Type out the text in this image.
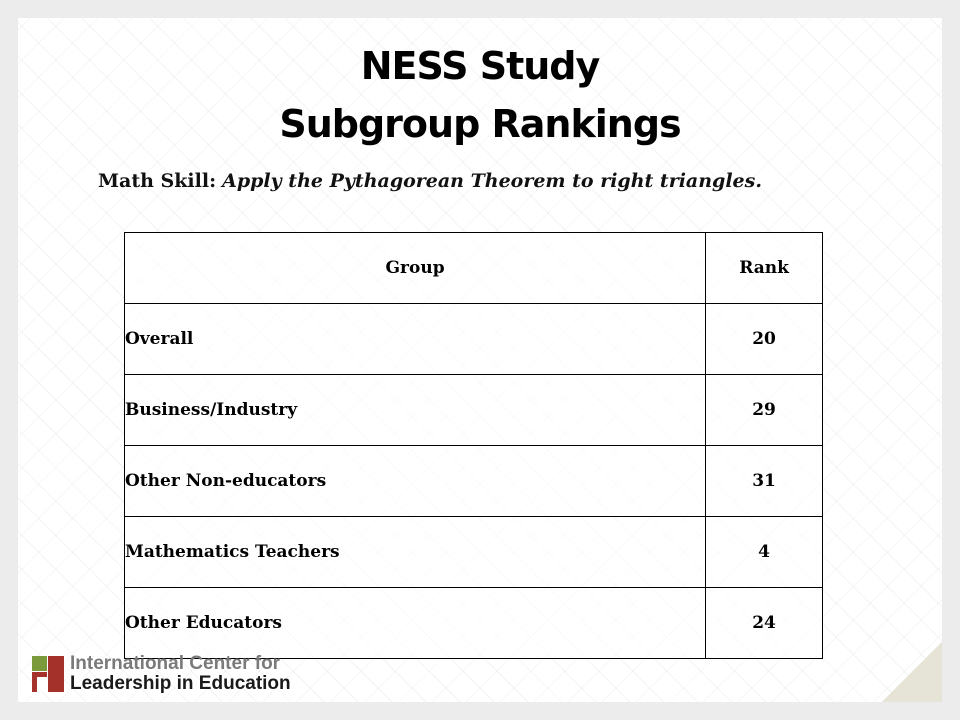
NESS Study
Subgroup Rankings
Math Skill: Apply the Pythagorean Theorem to right triangles.
Group	Rank
Overall	20
Business/Industry	29
Other Non-educators	31
Mathematics Teachers	4
Other Educators	24
International Center for
Leadership in Education
